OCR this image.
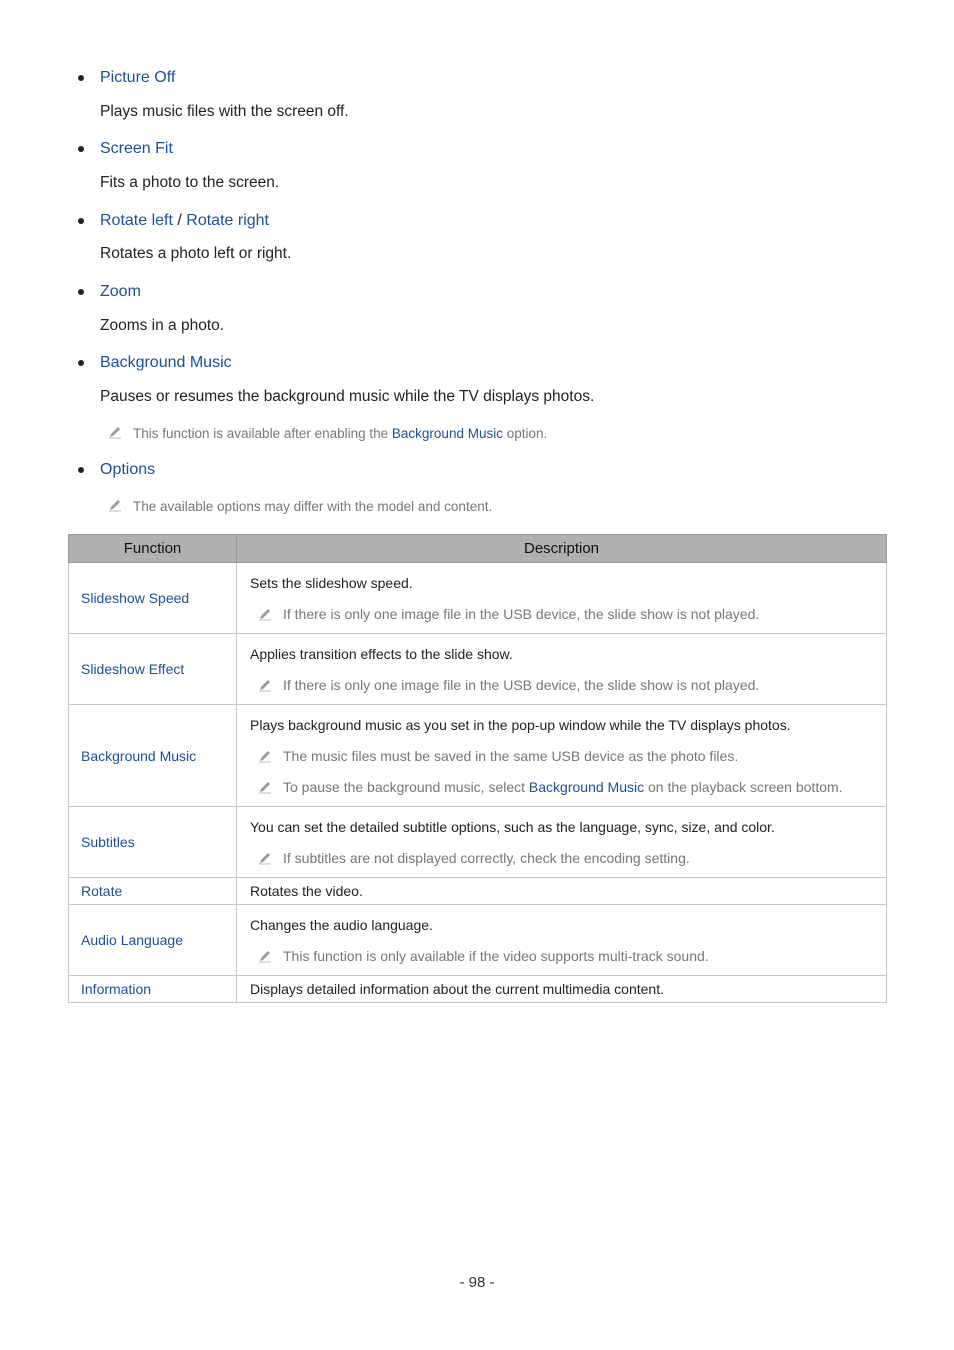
Picture Off
Plays music files with the screen off.
Screen Fit
Fits a photo to the screen.
Rotate left / Rotate right
Rotates a photo left or right.
Zoom
Zooms in a photo.
Background Music
Pauses or resumes the background music while the TV displays photos.
This function is available after enabling the Background Music option.
Options
The available options may differ with the model and content.
Function	Description
Slideshow Speed	Sets the slideshow speed.
If there is only one image file in the USB device, the slide show is not played.

Slideshow Effect	Applies transition effects to the slide show.
If there is only one image file in the USB device, the slide show is not played.

Background Music	Plays background music as you set in the pop-up window while the TV displays photos.
The music files must be saved in the same USB device as the photo files.
To pause the background music, select Background Music on the playback screen bottom.

Subtitles	You can set the detailed subtitle options, such as the language, sync, size, and color.
If subtitles are not displayed correctly, check the encoding setting.

Rotate	Rotates the video.

Audio Language	Changes the audio language.
This function is only available if the video supports multi-track sound.

Information	Displays detailed information about the current multimedia content.
- 98 -
